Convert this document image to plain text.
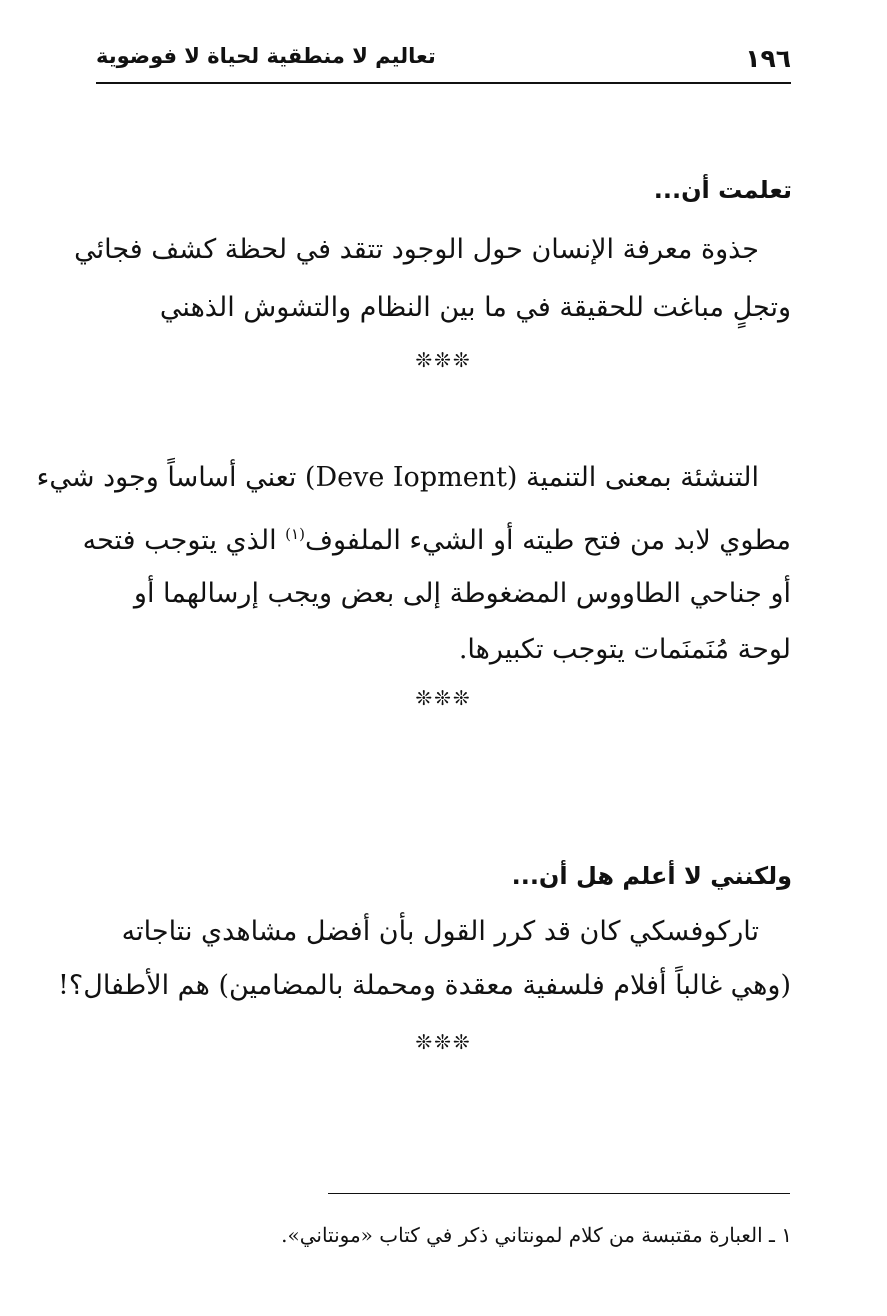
١٩٦
تعاليم لا منطقية لحياة لا فوضوية
تعلمت أن...
جذوة معرفة الإنسان حول الوجود تتقد في لحظة كشف فجائي
وتجلٍ مباغت للحقيقة في ما بين النظام والتشوش الذهني
❊❊❊
التنشئة بمعنى التنمية (Deve Iopment) تعني أساساً وجود شيء
مطوي لابد من فتح طيته أو الشيء الملفوف$^{(١)}$ الذي يتوجب فتحه
أو جناحي الطاووس المضغوطة إلى بعض ويجب إرسالهما أو
لوحة مُنَمنَمات يتوجب تكبيرها.
❊❊❊
ولكنني لا أعلم هل أن...
تاركوفسكي كان قد كرر القول بأن أفضل مشاهدي نتاجاته
(وهي غالباً أفلام فلسفية معقدة ومحملة بالمضامين) هم الأطفال؟!
❊❊❊
١ ـ العبارة مقتبسة من كلام لمونتاني ذكر في كتاب «مونتاني».
